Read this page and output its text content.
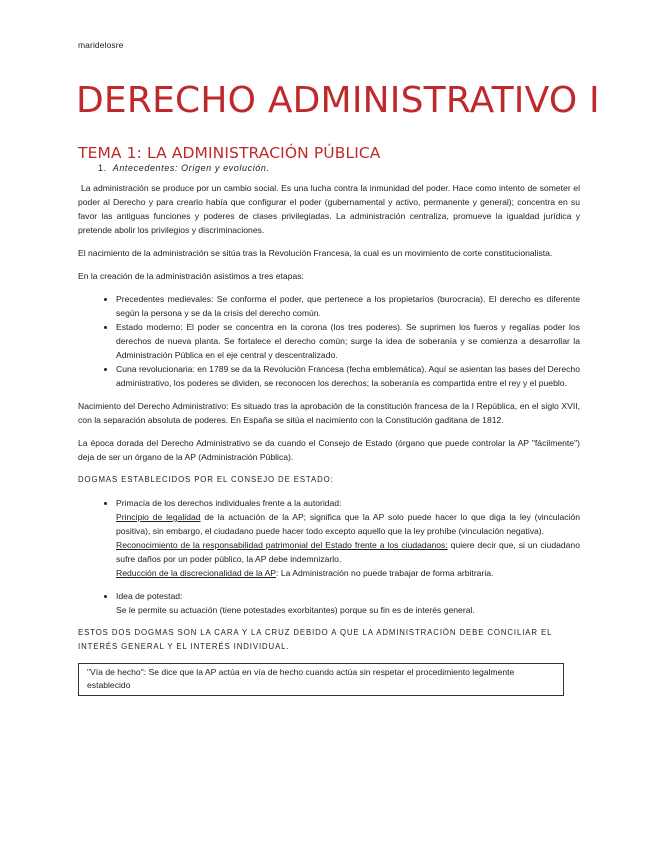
maridelosre
DERECHO ADMINISTRATIVO I
TEMA 1: LA ADMINISTRACIÓN PÚBLICA
1. Antecedentes: Origen y evolución.

La administración se produce por un cambio social. Es una lucha contra la inmunidad del poder. Hace como intento de someter el poder al Derecho y para crearlo había que configurar el poder (gubernamental y activo, permanente y general); concentra en su favor las antiguas funciones y poderes de clases privilegiadas. La administración centraliza, promueve la igualdad jurídica y pretende abolir los privilegios y discriminaciones.

El nacimiento de la administración se sitúa tras la Revolución Francesa, la cual es un movimiento de corte constitucionalista.

En la creación de la administración asistimos a tres etapas:

• Precedentes medievales: Se conforma el poder, que pertenece a los propietarios (burocracia). El derecho es diferente según la persona y se da la crisis del derecho común.
• Estado moderno: El poder se concentra en la corona (los tres poderes). Se suprimen los fueros y regalías poder los derechos de nueva planta. Se fortalece el derecho común; surge la idea de soberanía y se comienza a desarrollar la Administración Pública en el eje central y descentralizado.
• Cuna revolucionaria: en 1789 se da la Revolución Francesa (fecha emblemática). Aquí se asientan las bases del Derecho administrativo, los poderes se dividen, se reconocen los derechos; la soberanía es compartida entre el rey y el pueblo.

Nacimiento del Derecho Administrativo: Es situado tras la aprobación de la constitución francesa de la I República, en el siglo XVII, con la separación absoluta de poderes. En España se sitúa el nacimiento con la Constitución gaditana de 1812.

La época dorada del Derecho Administrativo se da cuando el Consejo de Estado (órgano que puede controlar la AP "fácilmente") deja de ser un órgano de la AP (Administración Pública).

DOGMAS ESTABLECIDOS POR EL CONSEJO DE ESTADO:

• Primacía de los derechos individuales frente a la autoridad:
Principio de legalidad de la actuación de la AP; significa que la AP solo puede hacer lo que diga la ley (vinculación positiva), sin embargo, el ciudadano puede hacer todo excepto aquello que la ley prohíbe (vinculación negativa).
Reconocimiento de la responsabilidad patrimonial del Estado frente a los ciudadanos: quiere decir que, si un ciudadano sufre daños por un poder público, la AP debe indemnizarlo.
Reducción de la discrecionalidad de la AP: La Administración no puede trabajar de forma arbitraria.
• Idea de potestad:
Se le permite su actuación (tiene potestades exorbitantes) porque su fin es de interés general.

ESTOS DOS DOGMAS SON LA CARA Y LA CRUZ DEBIDO A QUE LA ADMINISTRACIÓN DEBE CONCILIAR EL INTERÉS GENERAL Y EL INTERÉS INDIVIDUAL.

"Vía de hecho": Se dice que la AP actúa en vía de hecho cuando actúa sin respetar el procedimiento legalmente establecido
